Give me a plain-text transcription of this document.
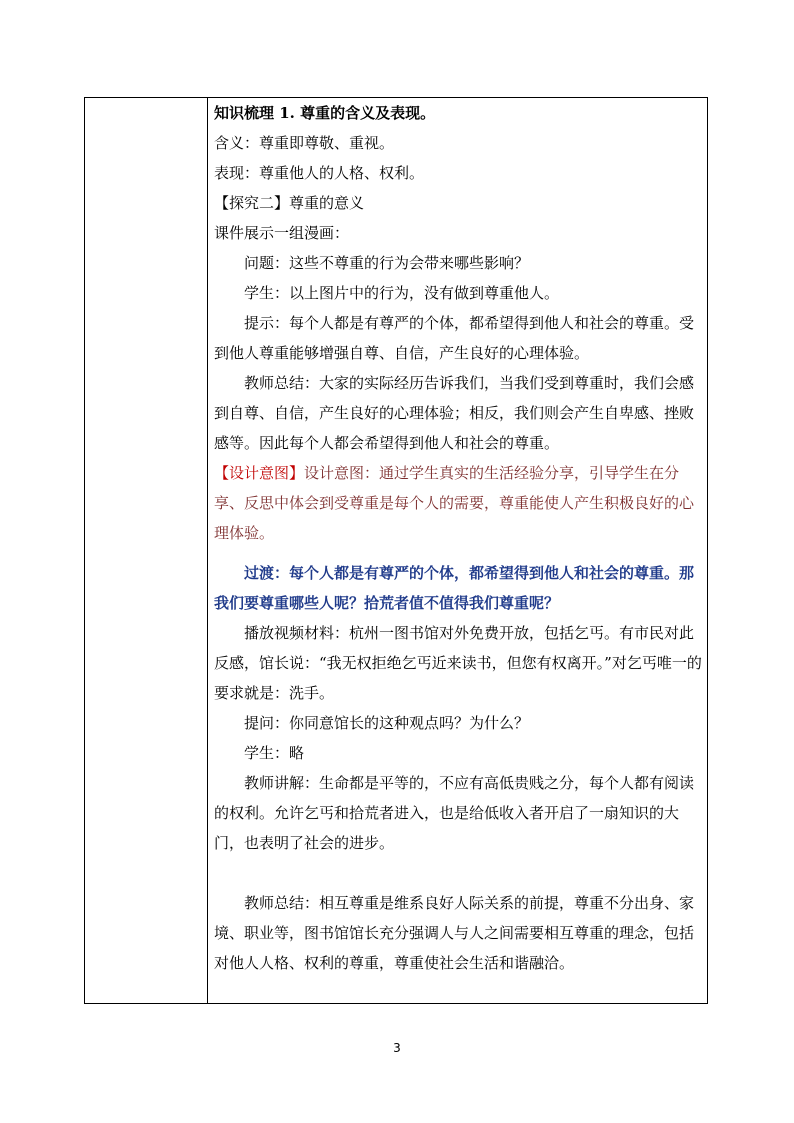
知识梳理 1. 尊重的含义及表现。

含义：尊重即尊敬、重视。

表现：尊重他人的人格、权利。

【探究二】尊重的意义

课件展示一组漫画：

问题：这些不尊重的行为会带来哪些影响？

学生：以上图片中的行为，没有做到尊重他人。

提示：每个人都是有尊严的个体，都希望得到他人和社会的尊重。受到他人尊重能够增强自尊、自信，产生良好的心理体验。

教师总结：大家的实际经历告诉我们，当我们受到尊重时，我们会感到自尊、自信，产生良好的心理体验；相反，我们则会产生自卑感、挫败感等。因此每个人都会希望得到他人和社会的尊重。

【设计意图】设计意图：通过学生真实的生活经验分享，引导学生在分享、反思中体会到受尊重是每个人的需要，尊重能使人产生积极良好的心理体验。

过渡：每个人都是有尊严的个体，都希望得到他人和社会的尊重。那我们要尊重哪些人呢？拾荒者值不值得我们尊重呢？

播放视频材料：杭州一图书馆对外免费开放，包括乞丐。有市民对此反感，馆长说：“我无权拒绝乞丐近来读书，但您有权离开。”对乞丐唯一的要求就是：洗手。

提问：你同意馆长的这种观点吗？为什么？

学生：略

教师讲解：生命都是平等的，不应有高低贵贱之分，每个人都有阅读的权利。允许乞丐和拾荒者进入，也是给低收入者开启了一扇知识的大门，也表明了社会的进步。

教师总结：相互尊重是维系良好人际关系的前提，尊重不分出身、家境、职业等，图书馆馆长充分强调人与人之间需要相互尊重的理念，包括对他人人格、权利的尊重，尊重使社会生活和谐融洽。

3
